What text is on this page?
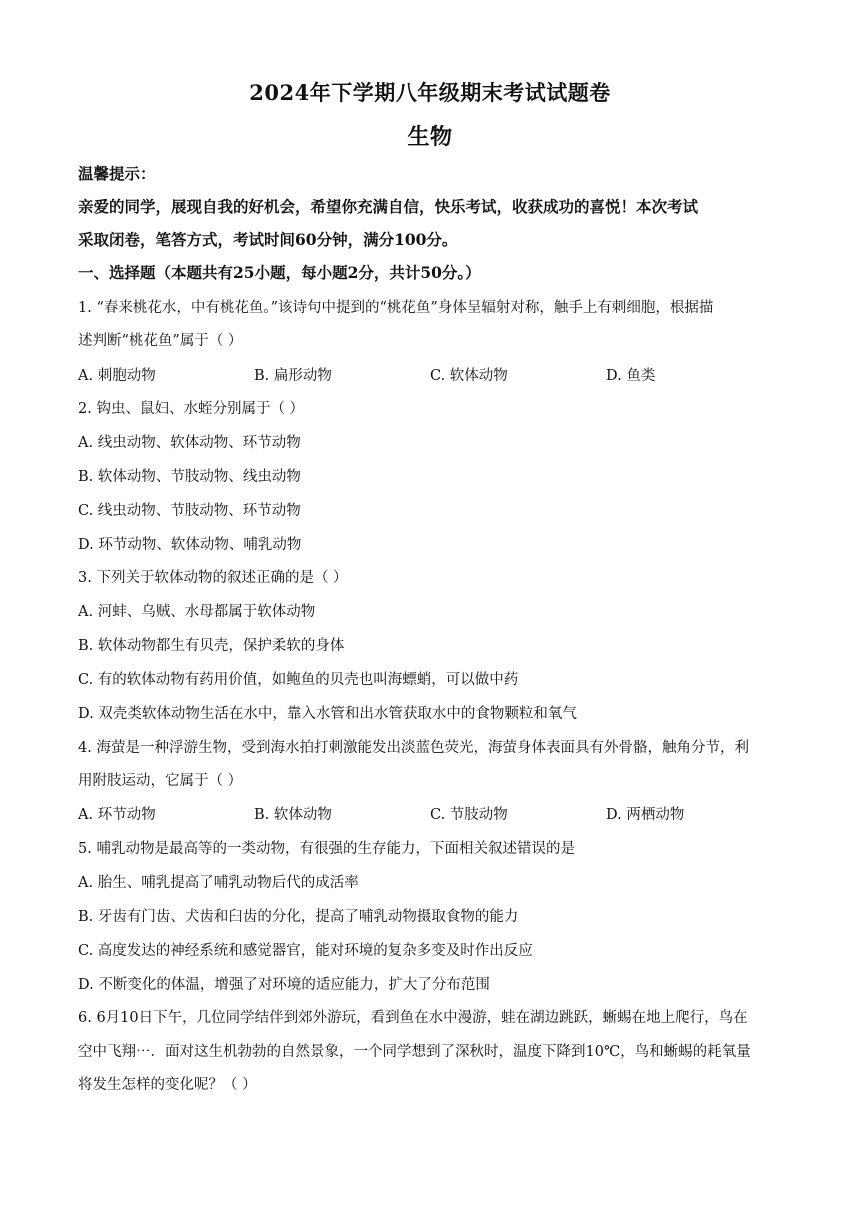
2024年下学期八年级期末考试试题卷
生物
温馨提示：
亲爱的同学，展现自我的好机会，希望你充满自信，快乐考试，收获成功的喜悦！本次考试
采取闭卷，笔答方式，考试时间60分钟，满分100分。
一、选择题（本题共有25小题，每小题2分，共计50分。）
1. “春来桃花水，中有桃花鱼。”该诗句中提到的“桃花鱼”身体呈辐射对称，触手上有刺细胞，根据描
述判断“桃花鱼”属于（ ）
A. 刺胞动物	B. 扁形动物	C. 软体动物	D. 鱼类
2. 钩虫、鼠妇、水蛭分别属于（ ）
A. 线虫动物、软体动物、环节动物
B. 软体动物、节肢动物、线虫动物
C. 线虫动物、节肢动物、环节动物
D. 环节动物、软体动物、哺乳动物
3. 下列关于软体动物的叙述正确的是（ ）
A. 河蚌、乌贼、水母都属于软体动物
B. 软体动物都生有贝壳，保护柔软的身体
C. 有的软体动物有药用价值，如鲍鱼的贝壳也叫海螵蛸，可以做中药
D. 双壳类软体动物生活在水中，靠入水管和出水管获取水中的食物颗粒和氧气
4. 海萤是一种浮游生物，受到海水拍打刺激能发出淡蓝色荧光，海萤身体表面具有外骨骼，触角分节，利
用附肢运动，它属于（ ）
A. 环节动物	B. 软体动物	C. 节肢动物	D. 两栖动物
5. 哺乳动物是最高等的一类动物，有很强的生存能力，下面相关叙述错误的是
A. 胎生、哺乳提高了哺乳动物后代的成活率
B. 牙齿有门齿、犬齿和臼齿的分化，提高了哺乳动物摄取食物的能力
C. 高度发达的神经系统和感觉器官，能对环境的复杂多变及时作出反应
D. 不断变化的体温，增强了对环境的适应能力，扩大了分布范围
6. 6月10日下午，几位同学结伴到郊外游玩，看到鱼在水中漫游，蛙在湖边跳跃，蜥蜴在地上爬行，鸟在
空中飞翔⋯．面对这生机勃勃的自然景象，一个同学想到了深秋时，温度下降到10℃，鸟和蜥蜴的耗氧量
将发生怎样的变化呢？（ ）
